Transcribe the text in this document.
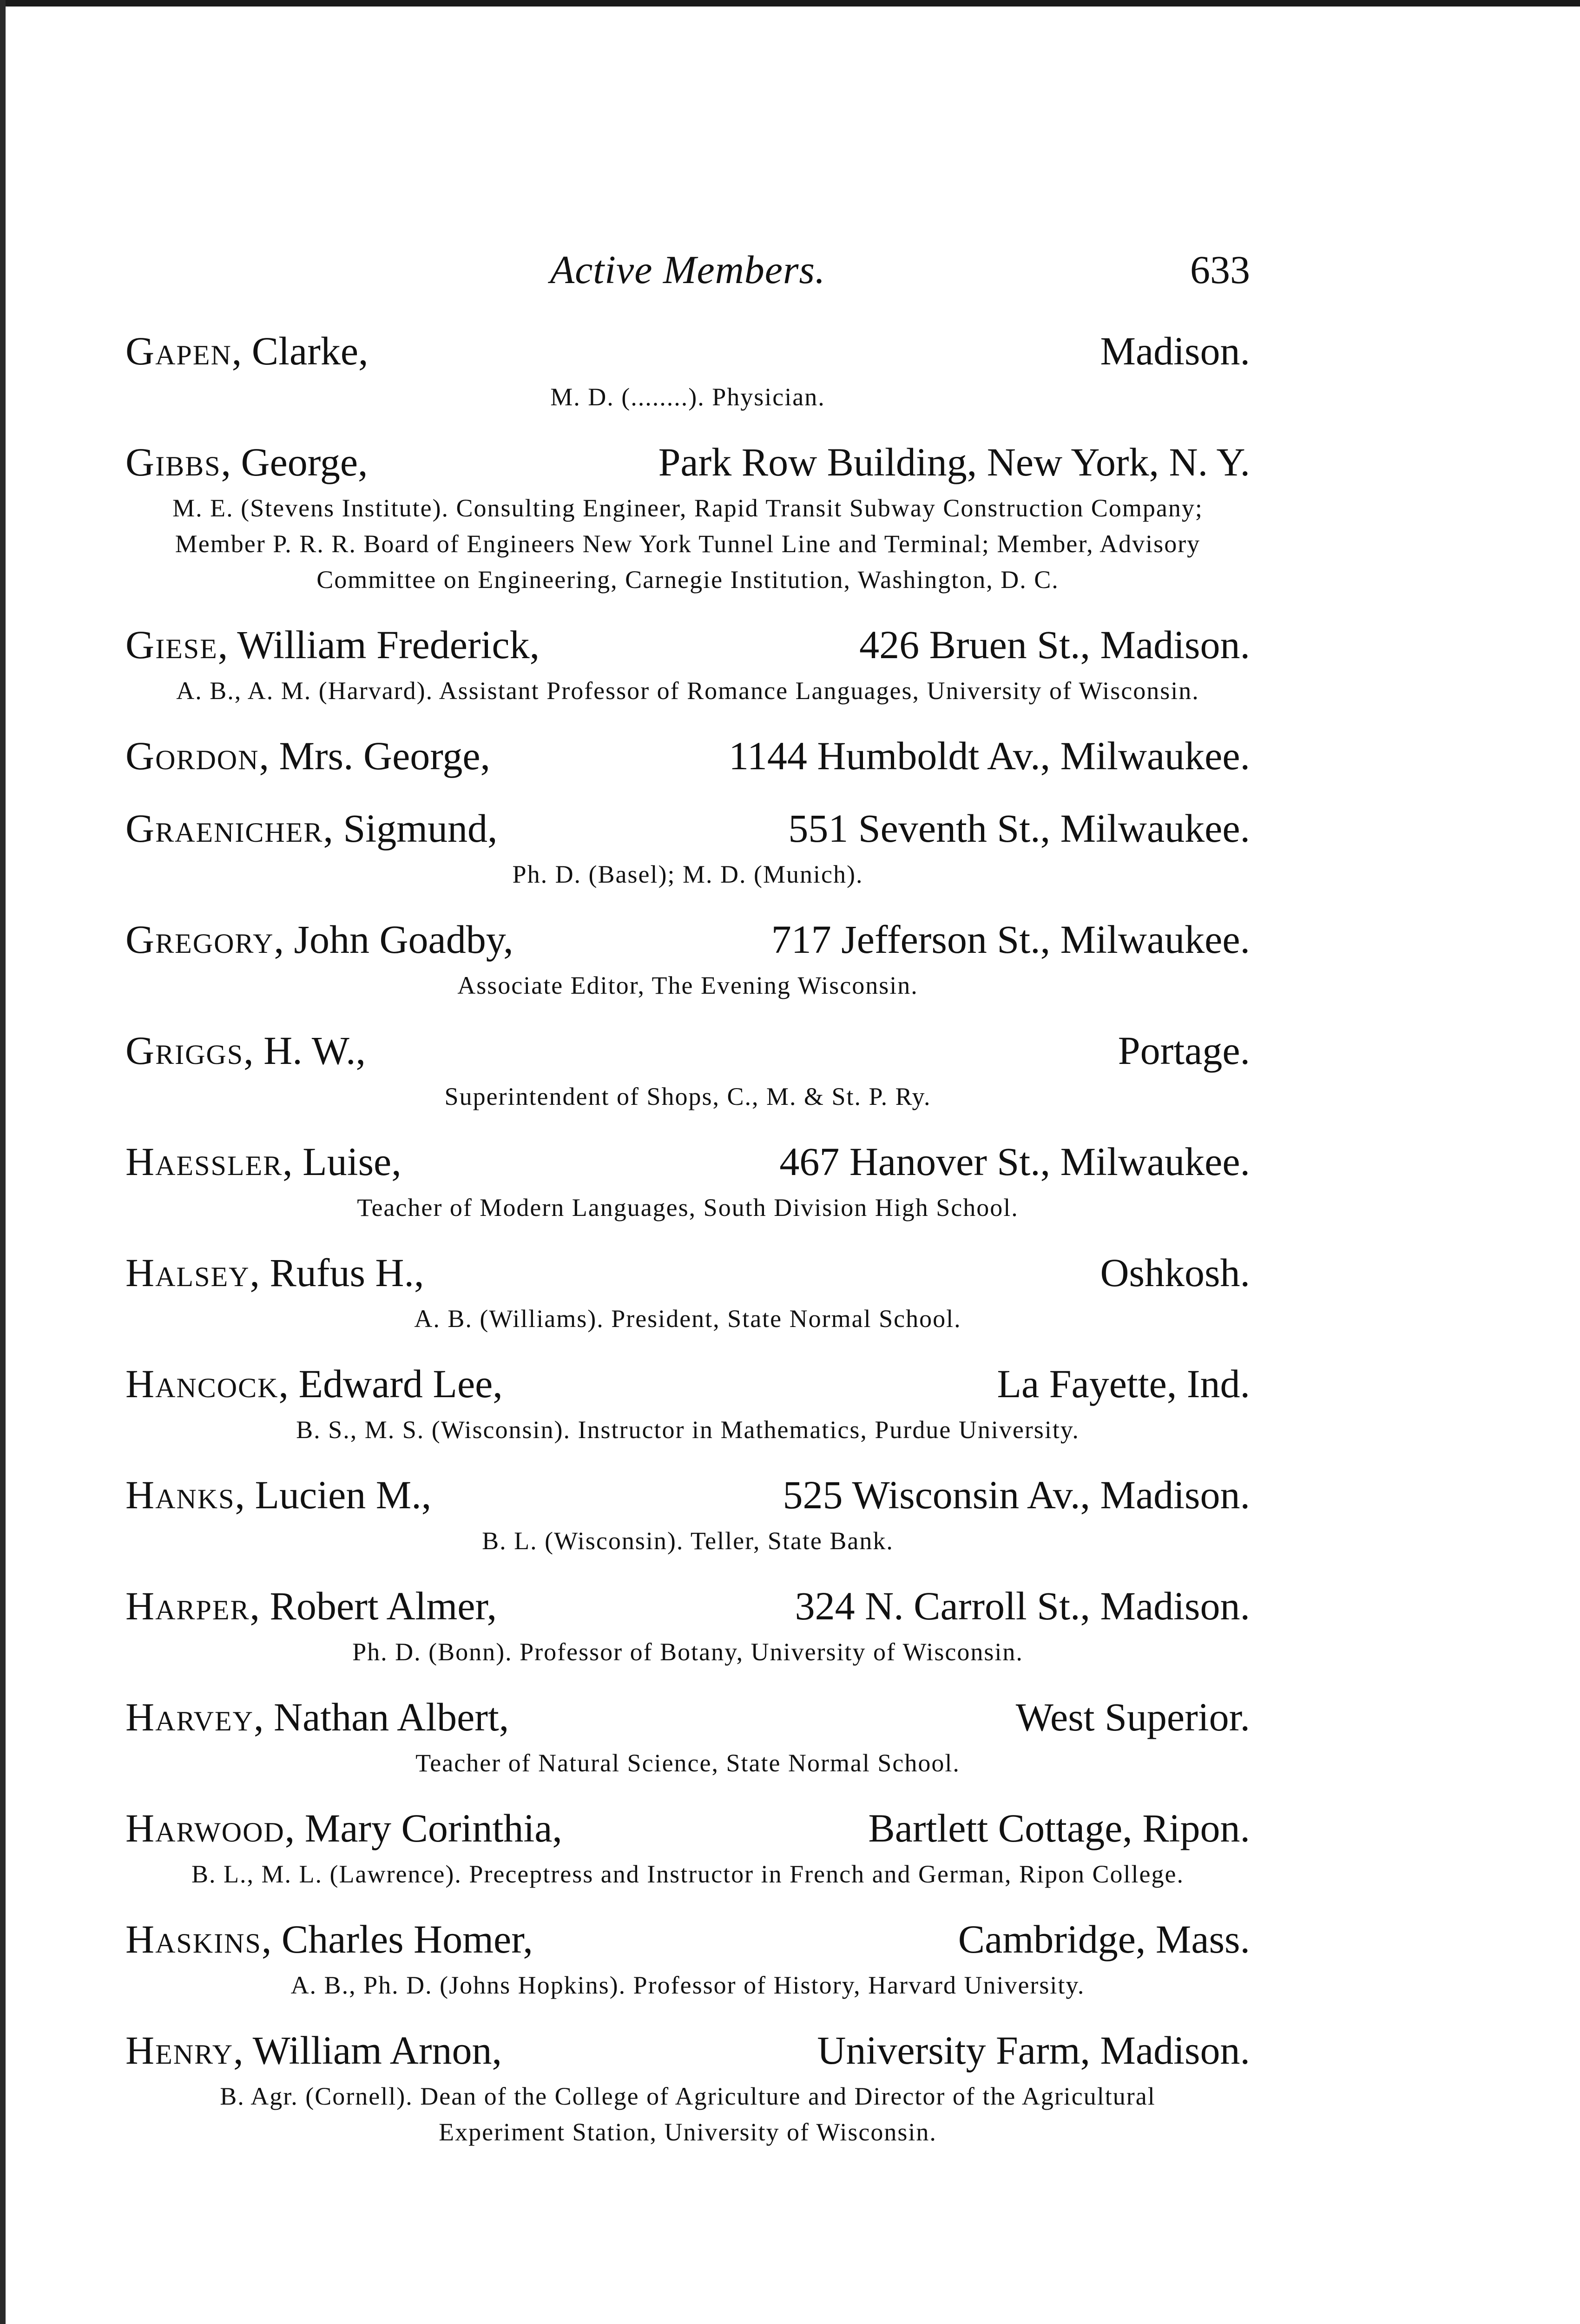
Active Members.	633
Gapen, Clarke,	Madison.
M. D. (........). Physician.
Gibbs, George,	Park Row Building, New York, N. Y.
M. E. (Stevens Institute). Consulting Engineer, Rapid Transit Subway Construction Company; Member P. R. R. Board of Engineers New York Tunnel Line and Terminal; Member, Advisory Committee on Engineering, Carnegie Institution, Washington, D. C.
Giese, William Frederick,	426 Bruen St., Madison.
A. B., A. M. (Harvard). Assistant Professor of Romance Languages, University of Wisconsin.
Gordon, Mrs. George,	1144 Humboldt Av., Milwaukee.
Graenicher, Sigmund,	551 Seventh St., Milwaukee.
Ph. D. (Basel); M. D. (Munich).
Gregory, John Goadby,	717 Jefferson St., Milwaukee.
Associate Editor, The Evening Wisconsin.
Griggs, H. W.,	Portage.
Superintendent of Shops, C., M. & St. P. Ry.
Haessler, Luise,	467 Hanover St., Milwaukee.
Teacher of Modern Languages, South Division High School.
Halsey, Rufus H.,	Oshkosh.
A. B. (Williams). President, State Normal School.
Hancock, Edward Lee,	La Fayette, Ind.
B. S., M. S. (Wisconsin). Instructor in Mathematics, Purdue University.
Hanks, Lucien M.,	525 Wisconsin Av., Madison.
B. L. (Wisconsin). Teller, State Bank.
Harper, Robert Almer,	324 N. Carroll St., Madison.
Ph. D. (Bonn). Professor of Botany, University of Wisconsin.
Harvey, Nathan Albert,	West Superior.
Teacher of Natural Science, State Normal School.
Harwood, Mary Corinthia,	Bartlett Cottage, Ripon.
B. L., M. L. (Lawrence). Preceptress and Instructor in French and German, Ripon College.
Haskins, Charles Homer,	Cambridge, Mass.
A. B., Ph. D. (Johns Hopkins). Professor of History, Harvard University.
Henry, William Arnon,	University Farm, Madison.
B. Agr. (Cornell). Dean of the College of Agriculture and Director of the Agricultural Experiment Station, University of Wisconsin.
